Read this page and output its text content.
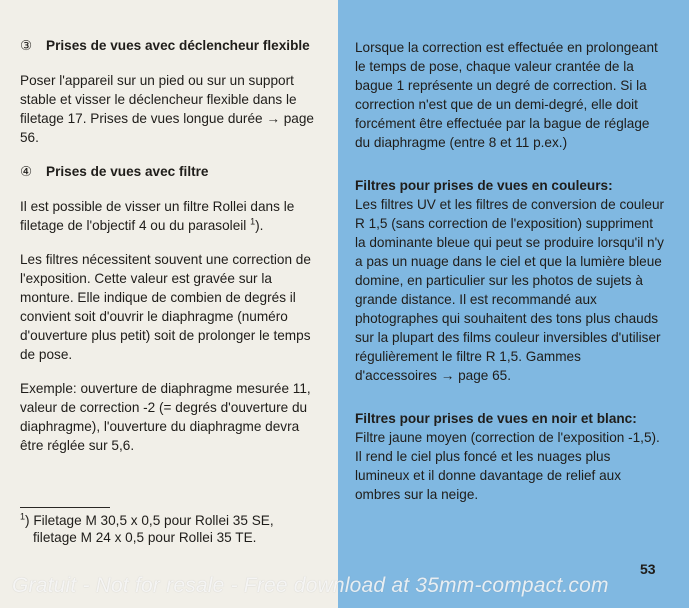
③	Prises de vues avec déclencheur flexible

Poser l'appareil sur un pied ou sur un support stable et visser le déclencheur flexible dans le filetage 17. Prises de vues longue durée → page 56.

④	Prises de vues avec filtre

Il est possible de visser un filtre Rollei dans le filetage de l'objectif 4 ou du parasoleil $^1$).

Les filtres nécessitent souvent une correction de l'exposition. Cette valeur est gravée sur la monture. Elle indique de combien de degrés il convient soit d'ouvrir le diaphragme (numéro d'ouverture plus petit) soit de prolonger le temps de pose.

Exemple: ouverture de diaphragme mesurée 11, valeur de correction -2 (= degrés d'ouverture du diaphragme), l'ouverture du diaphragme devra être réglée sur 5,6.

$^1$) Filetage M 30,5 x 0,5 pour Rollei 35 SE,
filetage M 24 x 0,5 pour Rollei 35 TE.

Lorsque la correction est effectuée en prolongeant le temps de pose, chaque valeur crantée de la bague 1 représente un degré de correction. Si la correction n'est que de un demi-degré, elle doit forcément être effectuée par la bague de réglage du diaphragme (entre 8 et 11 p.ex.)

Filtres pour prises de vues en couleurs:

Les filtres UV et les filtres de conversion de couleur R 1,5 (sans correction de l'exposition) suppriment la dominante bleue qui peut se produire lorsqu'il n'y a pas un nuage dans le ciel et que la lumière bleue domine, en particulier sur les photos de sujets à grande distance. Il est recommandé aux photographes qui souhaitent des tons plus chauds sur la plupart des films couleur inversibles d'utiliser régulièrement le filtre R 1,5. Gammes d'accessoires → page 65.

Filtres pour prises de vues en noir et blanc:

Filtre jaune moyen (correction de l'exposition -1,5). Il rend le ciel plus foncé et les nuages plus lumineux et il donne davantage de relief aux ombres sur la neige.

53
Gratuit - Not for resale - Free download at 35mm-compact.com
